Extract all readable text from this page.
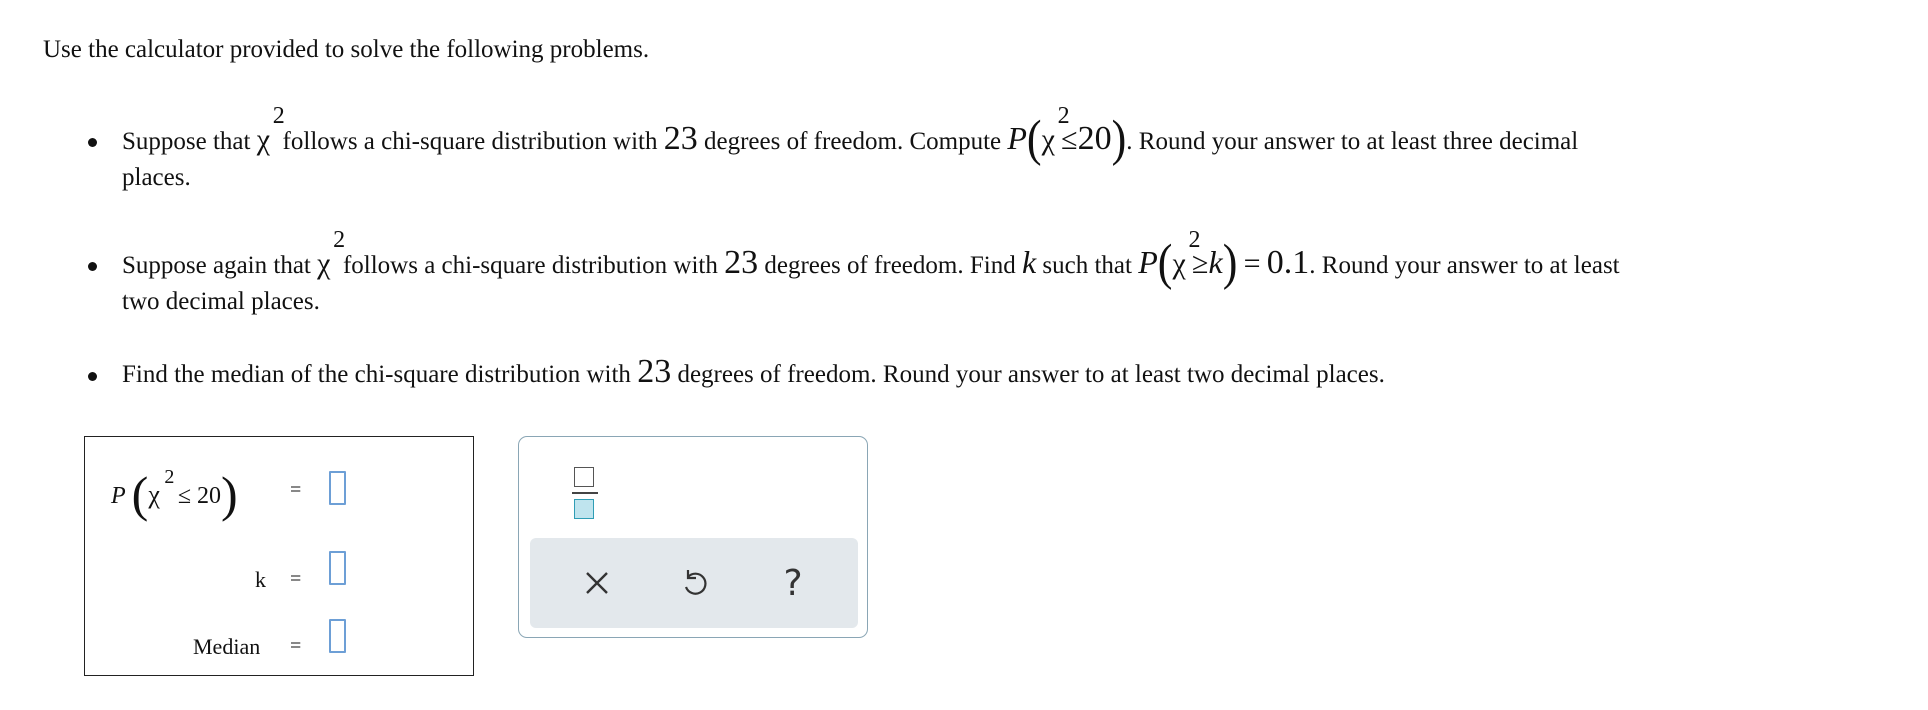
Use the calculator provided to solve the following problems.
Suppose that χ
2
follows a chi-square distribution with 23 degrees of freedom. Compute P(χ
2
≤20). Round your answer to at least three decimal
places.
Suppose again that χ
2
follows a chi-square distribution with 23 degrees of freedom. Find k such that P(χ
2
≥k) = 0.1. Round your answer to at least
two decimal places.
Find the median of the chi-square distribution with 23 degrees of freedom. Round your answer to at least two decimal places.
P (χ
2
≤ 20)	=
k =
Median =
?
